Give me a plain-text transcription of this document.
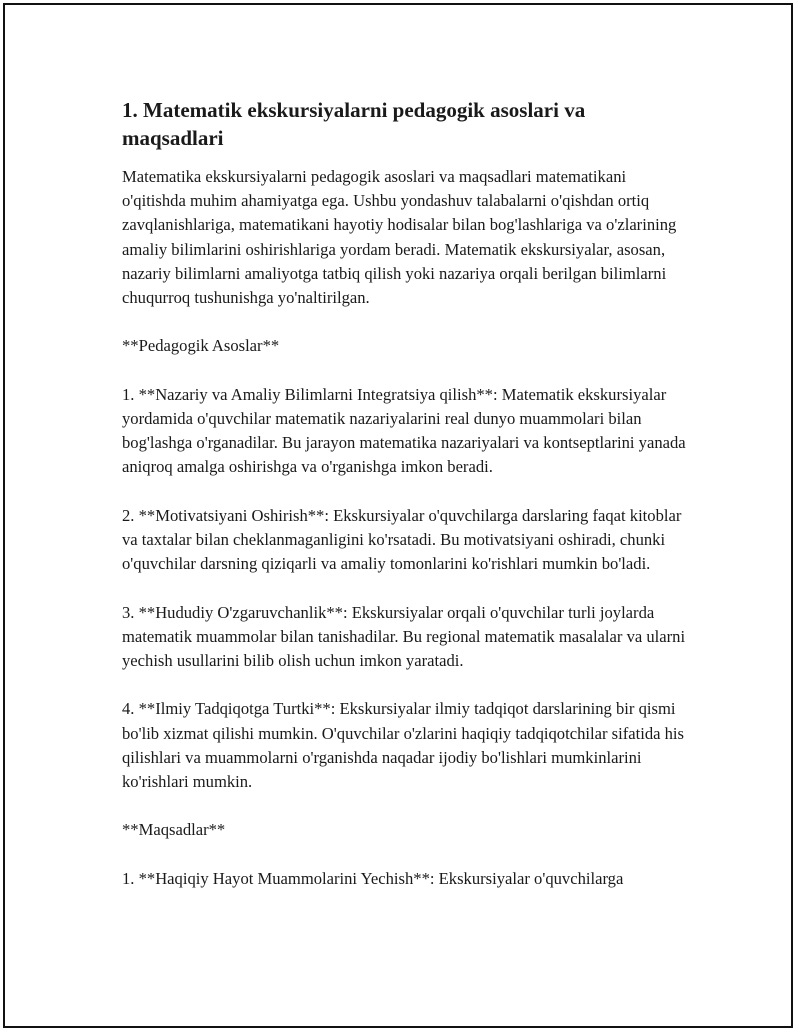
1. Matematik ekskursiyalarni pedagogik asoslari va maqsadlari

Matematika ekskursiyalarni pedagogik asoslari va maqsadlari matematikani o'qitishda muhim ahamiyatga ega. Ushbu yondashuv talabalarni o'qishdan ortiq zavqlanishlariga, matematikani hayotiy hodisalar bilan bog'lashlariga va o'zlarining amaliy bilimlarini oshirishlariga yordam beradi. Matematik ekskursiyalar, asosan, nazariy bilimlarni amaliyotga tatbiq qilish yoki nazariya orqali berilgan bilimlarni chuqurroq tushunishga yo'naltirilgan.

**Pedagogik Asoslar**

1. **Nazariy va Amaliy Bilimlarni Integratsiya qilish**: Matematik ekskursiyalar yordamida o'quvchilar matematik nazariyalarini real dunyo muammolari bilan bog'lashga o'rganadilar. Bu jarayon matematika nazariyalari va kontseptlarini yanada aniqroq amalga oshirishga va o'rganishga imkon beradi.

2. **Motivatsiyani Oshirish**: Ekskursiyalar o'quvchilarga darslaring faqat kitoblar va taxtalar bilan cheklanmaganligini ko'rsatadi. Bu motivatsiyani oshiradi, chunki o'quvchilar darsning qiziqarli va amaliy tomonlarini ko'rishlari mumkin bo'ladi.

3. **Hududiy O'zgaruvchanlik**: Ekskursiyalar orqali o'quvchilar turli joylarda matematik muammolar bilan tanishadilar. Bu regional matematik masalalar va ularni yechish usullarini bilib olish uchun imkon yaratadi.

4. **Ilmiy Tadqiqotga Turtki**: Ekskursiyalar ilmiy tadqiqot darslarining bir qismi bo'lib xizmat qilishi mumkin. O'quvchilar o'zlarini haqiqiy tadqiqotchilar sifatida his qilishlari va muammolarni o'rganishda naqadar ijodiy bo'lishlari mumkinlarini ko'rishlari mumkin.

**Maqsadlar**

1. **Haqiqiy Hayot Muammolarini Yechish**: Ekskursiyalar o'quvchilarga
